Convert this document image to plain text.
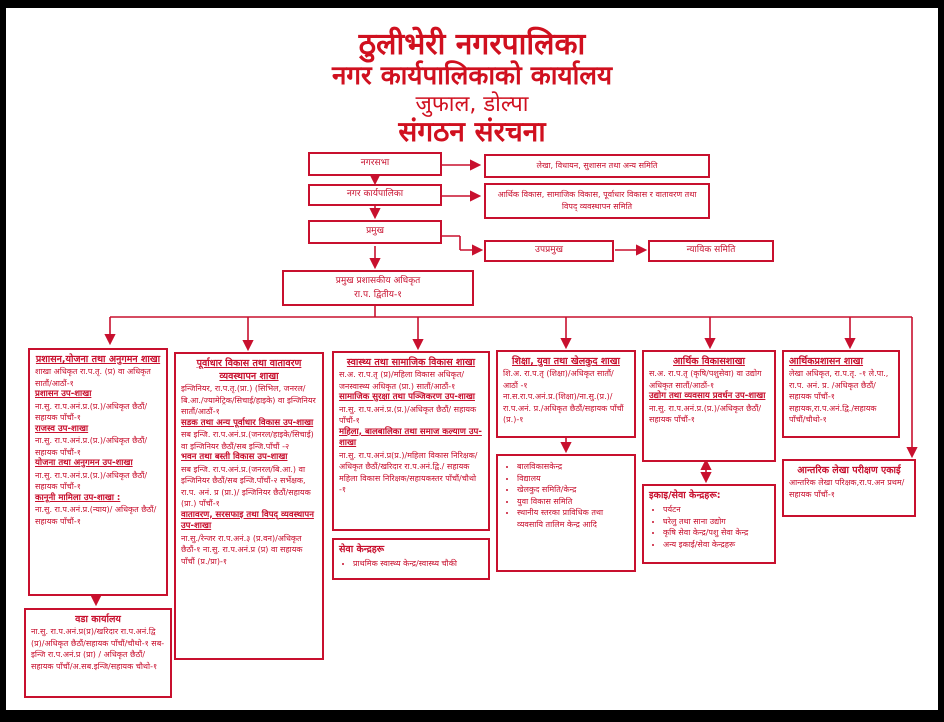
ठुलीभेरी नगरपालिका
नगर कार्यपालिकाको कार्यालय
जुफाल, डोल्पा
संगठन संरचना
नगरसभा	लेखा, विधायन, सुशासन तथा अन्य समिति
नगर कार्यपालिका	आर्थिक विकास, सामाजिक विकास, पूर्वाधार विकास र वातावरण तथा विपद् व्यवस्थापन समिति
प्रमुख
उपप्रमुख	न्यायिक समिति
प्रमुख प्रशासकीय अधिकृत
रा.प. द्वितीय-१
प्रशासन,योजना तथा अनुगमन शाखा
शाखा अधिकृत रा.प.तृ. (प्र) वा अधिकृत सातौं/आठौं-१
प्रशासन उप-शाखा
ना.सु. रा.प.अनं.प्र.(प्र.)/अधिकृत छैठौं/ सहायक पाँचौं-१
राजस्व उप-शाखा
ना.सु. रा.प.अनं.प्र.(प्र.)/अधिकृत छैठौं/ सहायक पाँचौं-१
योजना तथा अनुगमन उप-शाखा
ना.सु. रा.प.अनं.प्र.(प्र.)/अधिकृत छैठौं/ सहायक पाँचौं-१
कानूनी मामिला उप-शाखा :
ना.सु. रा.प.अनं.प्र.(न्याय)/ अधिकृत छैठौं/ सहायक पाँचौं-१
पूर्वाधार विकास तथा वातावरण व्यवस्थापन शाखा
इन्जिनियर, रा.प.तृ.(प्रा.) (सिभिल, जनरल/बि.आ./ज्यामेट्रिक/सिचाई/हाइके) वा इन्जिनियर सातौं/आठौं-१
सडक तथा अन्य पूर्वाधार विकास उप-शाखा
सब इन्जि. रा.प.अनं.प्र.(जनरल/हाइके/सिचाई) वा इन्जिनियर छैठौं/सब इन्जि.पाँचौं -२
भवन तथा बस्ती विकास उप-शाखा
सब इन्जि. रा.प.अनं.प्र.(जनरल/बि.आ.) वा इन्जिनियर छैठौं/सब इन्जि.पाँचौं-२ सर्भेक्षक, रा.प. अनं. प्र (प्रा.)/ इन्जिनियर छैठौं/सहायक (प्रा.) पाँचौं-१
वातावरण, सरसफाइ तथा विपद् व्यवस्थापन उप-शाखा
ना.सु./रेन्जर रा.प.अनं.३ (प्र.वन)/अधिकृत छैठौं-१ ना.सु. रा.प.अनं.प्र (प्र) वा सहायक पाँचौं (प्र./प्रा)-१
स्वास्थ्य तथा सामाजिक विकास शाखा
स.अ. रा.प.तृ (प्र)/महिला विकास अधिकृत/ जनस्वास्थ्य अधिकृत (प्रा.) सातौं/आठौं-१
सामाजिक सुरक्षा तथा पञ्जिकरण उप-शाखा
ना.सु. रा.प.अनं.प्र.(प्र.)/अधिकृत छैठौं/ सहायक पाँचौं-१
महिला, बालबालिका तथा समाज कल्याण उप-शाखा
ना.सु. रा.प.अनं.प्र(प्र.)/महिला विकास निरिक्षक/अधिकृत छैठौं/खरिदार रा.प.अनं.द्वि./ सहायक महिला विकास निरिक्षक/सहायकस्तर पाँचौं/चौथो -१
सेवा केन्द्रहरू
• प्राथमिक स्वास्थ्य केन्द्र/स्वास्थ्य चौकी
शिक्षा, युवा तथा खेलकुद शाखा
शि.अ. रा.प.तृ (शिक्षा)/अधिकृत सातौं/ आठौं -१
ना.स.रा.प.अनं.प्र.(शिक्षा)/ना.सु.(प्र.)/रा.प.अनं. प्र./अधिकृत छैठौं/सहायक पाँचौं (प्र.)-१
• बालविकासकेन्द्र
• विद्यालय
• खेलकुद समिति/केन्द्र
• युवा विकास समिति
• स्थानीय स्तरका प्राविधिक तथा व्यवसायि तालिम केन्द्र आदि
आर्थिक विकासशाखा
स.अ. रा.प.तृ (कृषि/पशुसेवा) वा उद्योग अधिकृत सातौं/आठौं-१
उद्योग तथा व्यवसाय प्रवर्धन उप-शाखा
ना.सु. रा.प.अनं.प्र.(प्र.)/अधिकृत छैठौं/सहायक पाँचौं-१
इकाइ/सेवा केन्द्रहरू:
• पर्यटन
• घरेलु तथा साना उद्योग
• कृषि सेवा केन्द्र/पशु सेवा केन्द्र
• अन्य इकाई/सेवा केन्द्रहरू
आर्थिकप्रशासन शाखा
लेखा अधिकृत, रा.प.तृ. -१ ले.पा., रा.प. अनं. प्र. /अधिकृत छैठौं/ सहायक पाँचौं-१ सहायक,रा.प.अनं.द्वि./सहायक पाँचौं/चौथो-१
आन्तरिक लेखा परीक्षण एकाई
आन्तरिक लेखा परिक्षक,रा.प.अन प्रथम/सहायक पाँचौं-१
वडा कार्यालय
ना.सु. रा.प.अनं.प्र(प्र)/खरिदार रा.प.अनं.द्वि (प्र)/अधिकृत छैठौं/सहायक पाँचौं/चौथो-१ सब-इन्जि रा.प.अनं.प्र (प्रा) / अधिकृत छैठौं/ सहायक पाँचौं/अ.सब.इन्जि/सहायक चौथो-१
